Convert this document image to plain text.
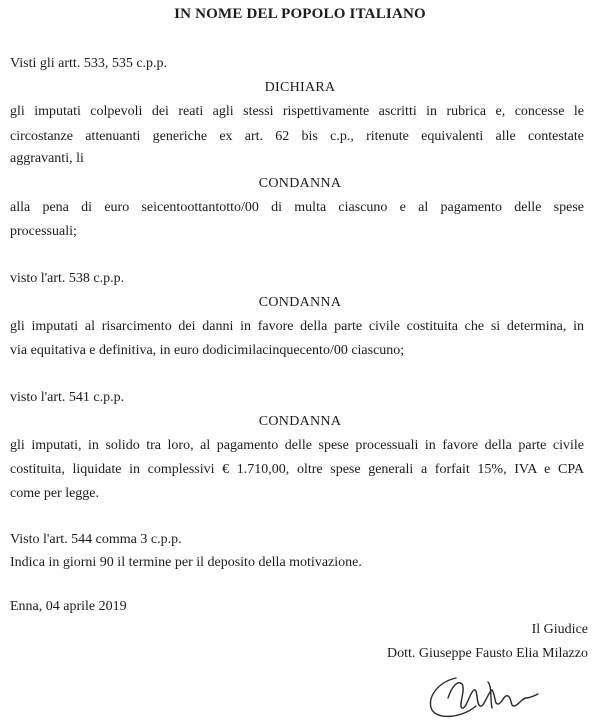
IN NOME DEL POPOLO ITALIANO
Visti gli artt. 533, 535 c.p.p.
DICHIARA
gli imputati colpevoli dei reati agli stessi rispettivamente ascritti in rubrica e, concesse le
circostanze attenuanti generiche ex art. 62 bis c.p., ritenute equivalenti alle contestate
aggravanti, li
CONDANNA
alla pena di euro seicentoottantotto/00 di multa ciascuno e al pagamento delle spese
processuali;
visto l'art. 538 c.p.p.
CONDANNA
gli imputati al risarcimento dei danni in favore della parte civile costituita che si determina, in
via equitativa e definitiva, in euro dodicimilacinquecento/00 ciascuno;
visto l'art. 541 c.p.p.
CONDANNA
gli imputati, in solido tra loro, al pagamento delle spese processuali in favore della parte civile
costituita, liquidate in complessivi € 1.710,00, oltre spese generali a forfait 15%, IVA e CPA
come per legge.
Visto l'art. 544 comma 3 c.p.p.
Indica in giorni 90 il termine per il deposito della motivazione.
Enna, 04 aprile 2019
Il Giudice
Dott. Giuseppe Fausto Elia Milazzo
